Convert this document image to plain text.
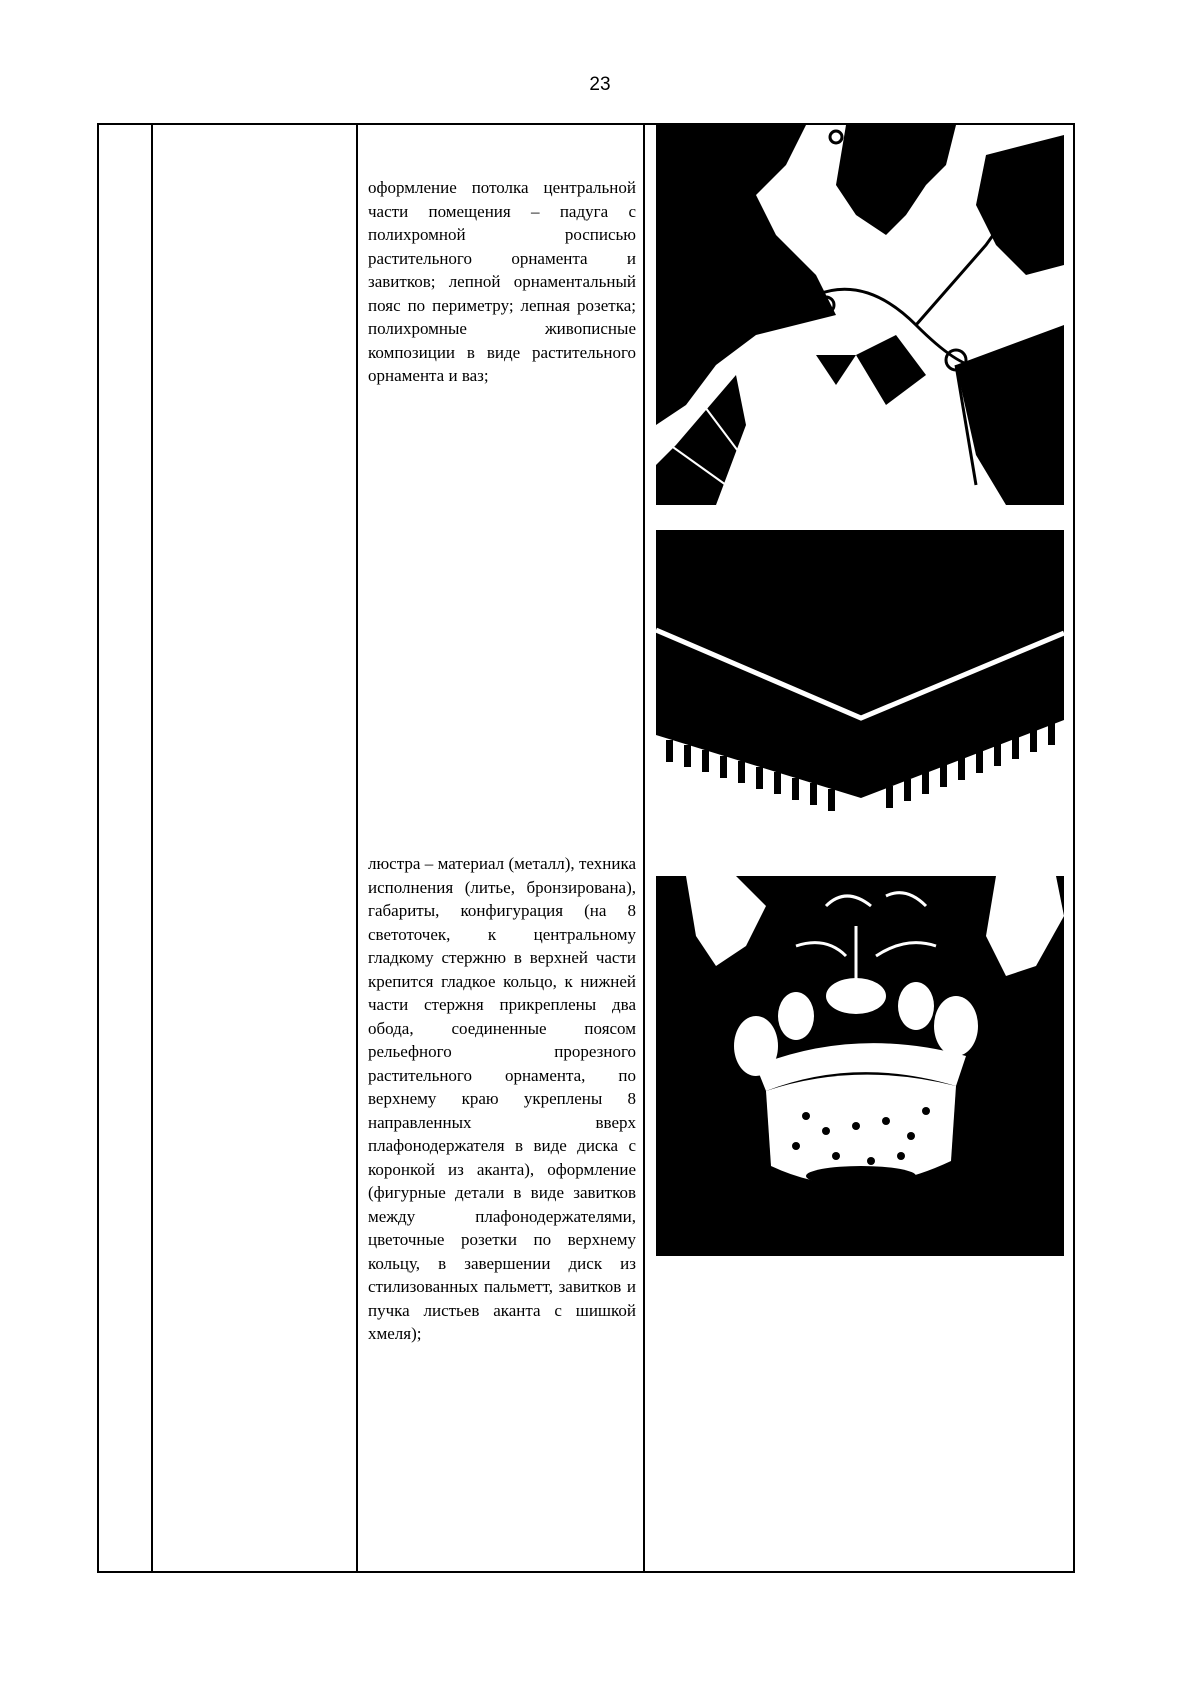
23
оформление потолка центральной части помещения – падуга с полихромной росписью растительного орнамента и завитков; лепной орнаментальный пояс по периметру; лепная розетка; полихромные живописные композиции в виде растительного орнамента и ваз;
люстра – материал (металл), техника исполнения (литье, бронзирована), габариты, конфигурация (на 8 светоточек, к центральному гладкому стержню в верхней части крепится гладкое кольцо, к нижней части стержня прикреплены два обода, соединенные поясом рельефного прорезного растительного орнамента, по верхнему краю укреплены 8 направленных вверх плафонодержателя в виде диска с коронкой из аканта), оформление (фигурные детали в виде завитков между плафонодержателями, цветочные розетки по верхнему кольцу, в завершении диск из стилизованных пальметт, завитков и пучка листьев аканта с шишкой хмеля);
